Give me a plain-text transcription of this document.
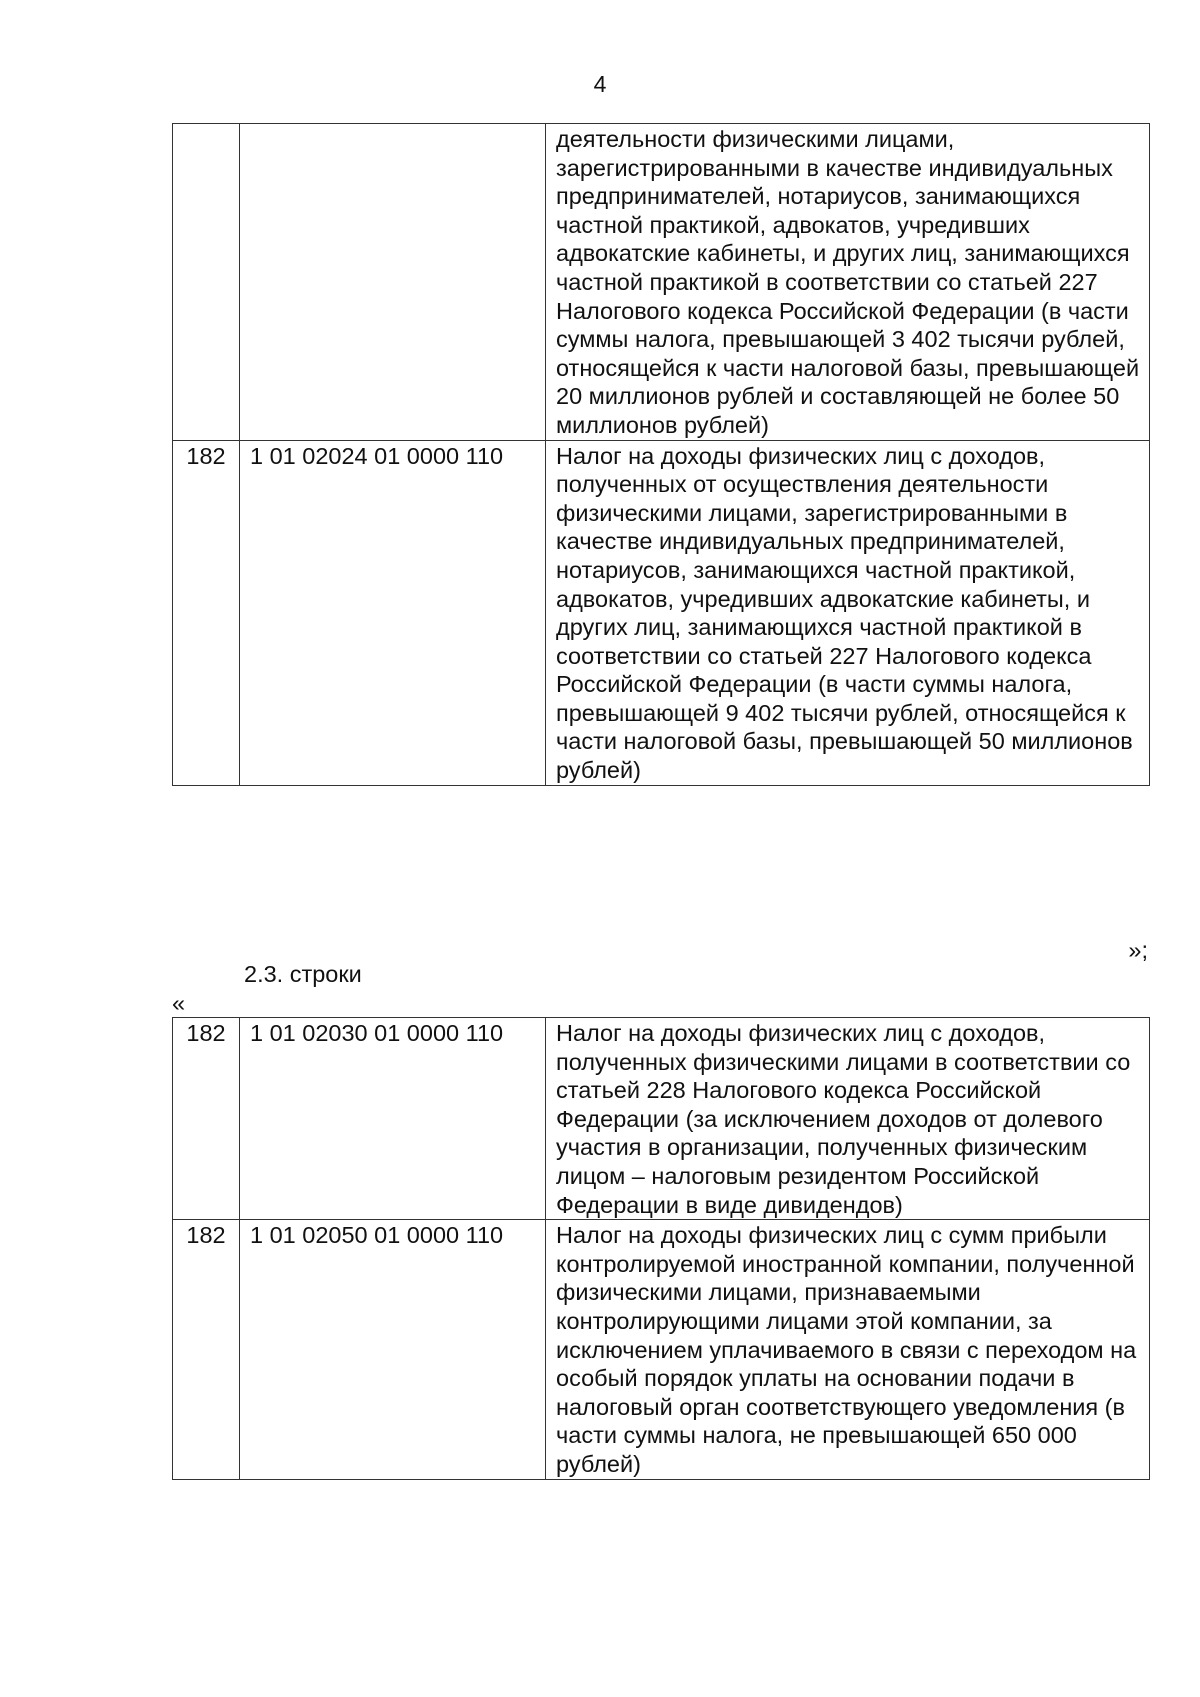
4
		деятельности физическими лицами, зарегистрированными в качестве индивидуальных предпринимателей, нотариусов, занимающихся частной практикой, адвокатов, учредивших адвокатские кабинеты, и других лиц, занимающихся частной практикой в соответствии со статьей 227 Налогового кодекса Российской Федерации (в части суммы налога, превышающей 3 402 тысячи рублей, относящейся к части налоговой базы, превышающей 20 миллионов рублей и составляющей не более 50 миллионов рублей)
182	1 01 02024 01 0000 110	Налог на доходы физических лиц с доходов, полученных от осуществления деятельности физическими лицами, зарегистрированными в качестве индивидуальных предпринимателей, нотариусов, занимающихся частной практикой, адвокатов, учредивших адвокатские кабинеты, и других лиц, занимающихся частной практикой в соответствии со статьей 227 Налогового кодекса Российской Федерации (в части суммы налога, превышающей 9 402 тысячи рублей, относящейся к части налоговой базы, превышающей 50 миллионов рублей)
»;
2.3. строки
«
182	1 01 02030 01 0000 110	Налог на доходы физических лиц с доходов, полученных физическими лицами в соответствии со статьей 228 Налогового кодекса Российской Федерации (за исключением доходов от долевого участия в организации, полученных физическим лицом – налоговым резидентом Российской Федерации в виде дивидендов)
182	1 01 02050 01 0000 110	Налог на доходы физических лиц с сумм прибыли контролируемой иностранной компании, полученной физическими лицами, признаваемыми контролирующими лицами этой компании, за исключением уплачиваемого в связи с переходом на особый порядок уплаты на основании подачи в налоговый орган соответствующего уведомления (в части суммы налога, не превышающей 650 000 рублей)
